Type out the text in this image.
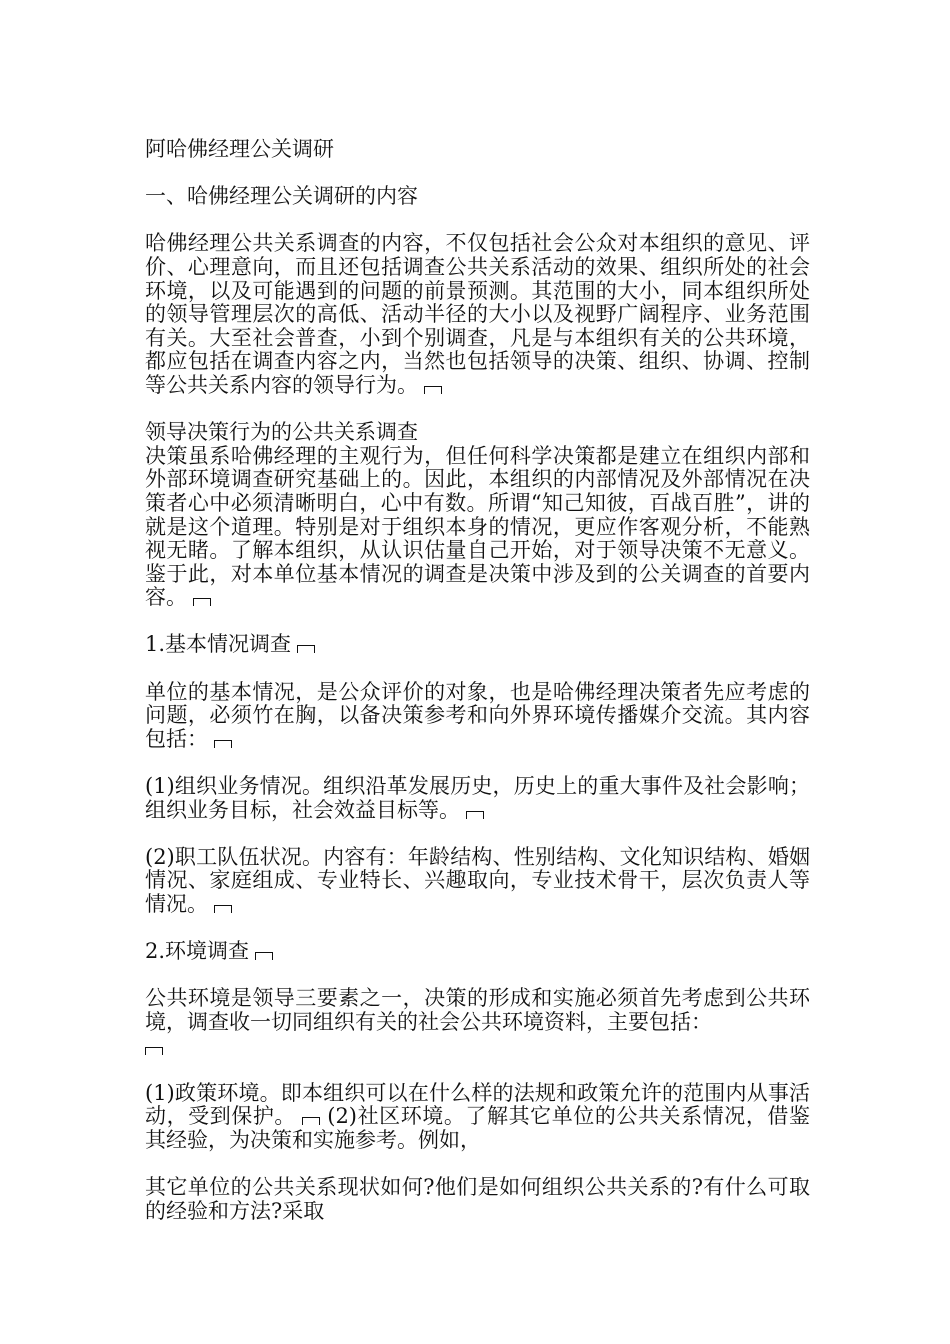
阿哈佛经理公关调研

一、哈佛经理公关调研的内容

哈佛经理公共关系调查的内容，不仅包括社会公众对本组织的意见、评价、心理意向，而且还包括调查公共关系活动的效果、组织所处的社会环境，以及可能遇到的问题的前景预测。其范围的大小，同本组织所处的领导管理层次的高低、活动半径的大小以及视野广阔程序、业务范围有关。大至社会普查，小到个别调查，凡是与本组织有关的公共环境，都应包括在调查内容之内，当然也包括领导的决策、组织、协调、控制等公共关系内容的领导行为。

领导决策行为的公共关系调查

决策虽系哈佛经理的主观行为，但任何科学决策都是建立在组织内部和外部环境调查研究基础上的。因此，本组织的内部情况及外部情况在决策者心中必须清晰明白，心中有数。所谓“知己知彼，百战百胜”，讲的就是这个道理。特别是对于组织本身的情况，更应作客观分析，不能熟视无睹。了解本组织，从认识估量自己开始，对于领导决策不无意义。鉴于此，对本单位基本情况的调查是决策中涉及到的公关调查的首要内容。

1.基本情况调查

单位的基本情况，是公众评价的对象，也是哈佛经理决策者先应考虑的问题，必须竹在胸，以备决策参考和向外界环境传播媒介交流。其内容包括：

(1)组织业务情况。组织沿革发展历史，历史上的重大事件及社会影响；组织业务目标，社会效益目标等。

(2)职工队伍状况。内容有：年龄结构、性别结构、文化知识结构、婚姻情况、家庭组成、专业特长、兴趣取向，专业技术骨干，层次负责人等情况。

2.环境调查

公共环境是领导三要素之一，决策的形成和实施必须首先考虑到公共环境，调查收一切同组织有关的社会公共环境资料，主要包括：

(1)政策环境。即本组织可以在什么样的法规和政策允许的范围内从事活动，受到保护。 (2)社区环境。了解其它单位的公共关系情况，借鉴其经验，为决策和实施参考。例如，

其它单位的公共关系现状如何?他们是如何组织公共关系的?有什么可取的经验和方法?采取
